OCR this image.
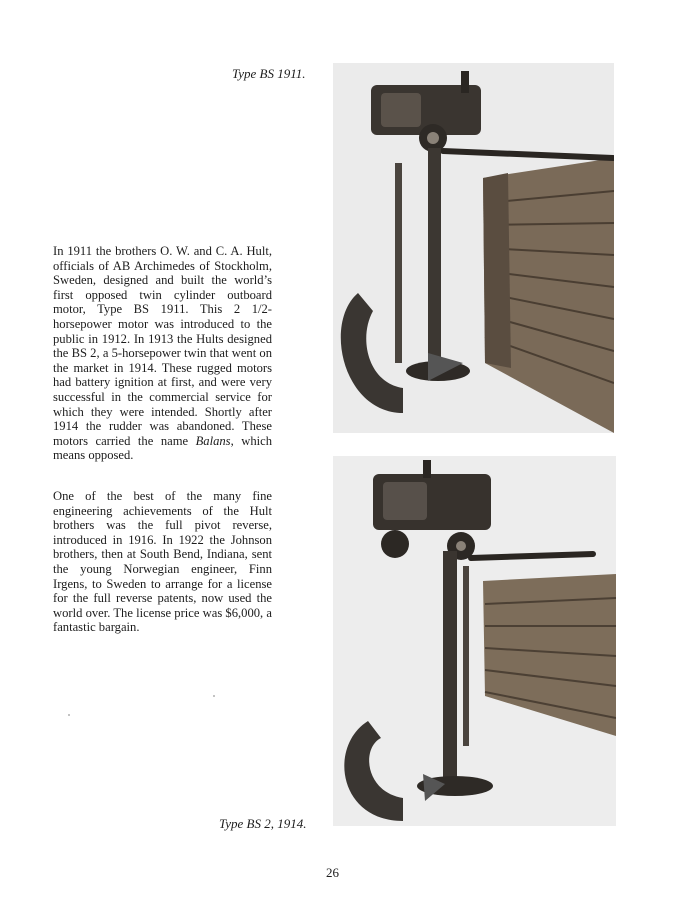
Type BS 1911.
In 1911 the brothers O. W. and C. A. Hult, officials of AB Archimedes of Stockholm, Sweden, designed and built the world’s first opposed twin cylinder outboard motor, Type BS 1911. This 2 1/2-horsepower motor was introduced to the public in 1912. In 1913 the Hults designed the BS 2, a 5-horsepower twin that went on the market in 1914. These rugged motors had battery ignition at first, and were very successful in the commercial service for which they were intended. Shortly after 1914 the rudder was abandoned. These motors carried the name Balans, which means opposed.
One of the best of the many fine engineering achievements of the Hult brothers was the full pivot reverse, introduced in 1916. In 1922 the Johnson brothers, then at South Bend, Indiana, sent the young Norwegian engineer, Finn Irgens, to Sweden to arrange for a license for the full reverse patents, now used the world over. The license price was $6,000, a fantastic bargain.
Type BS 2, 1914.
26
